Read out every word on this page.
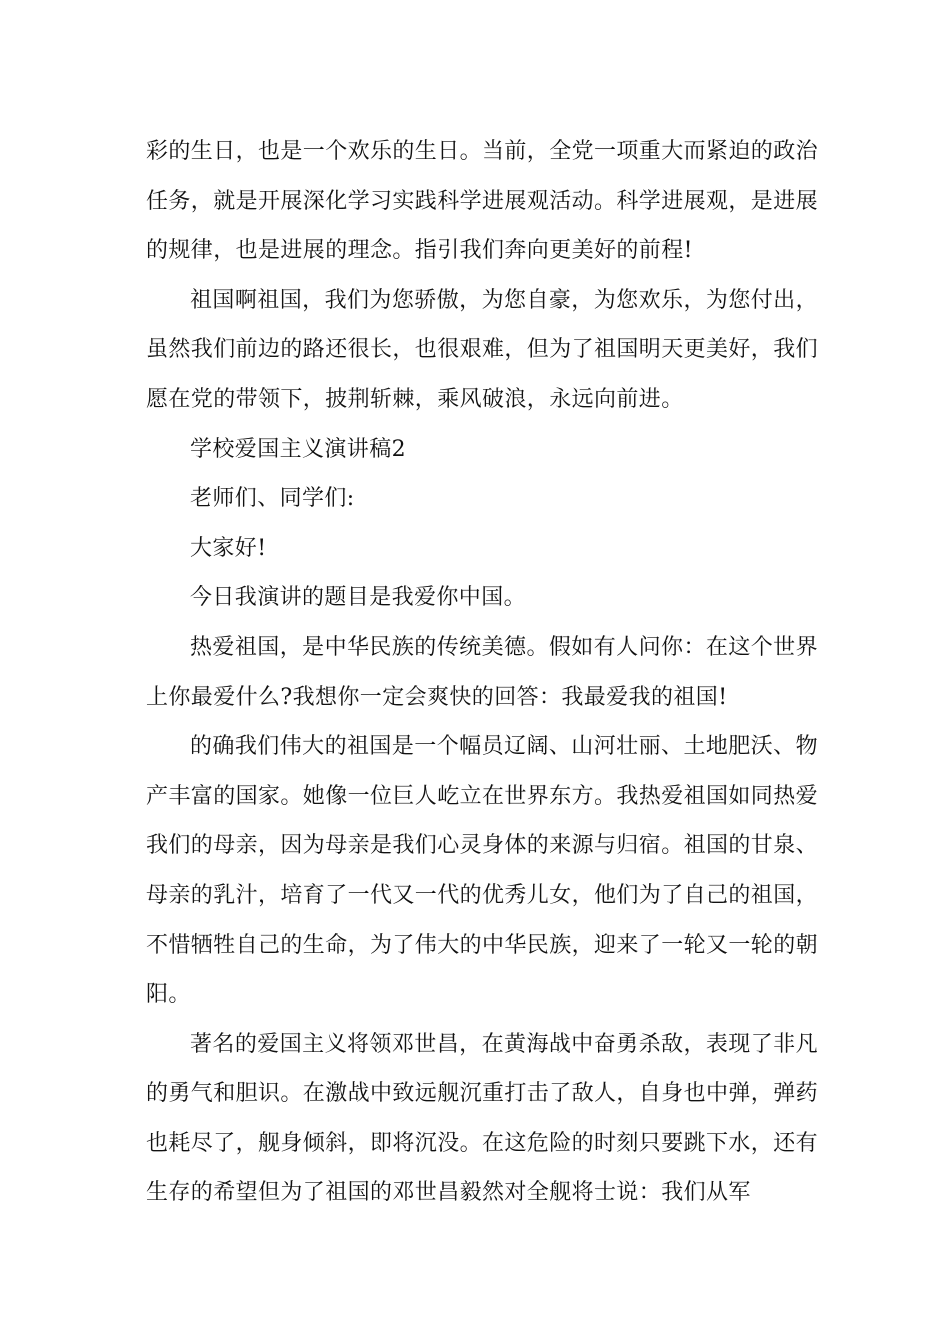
彩的生日，也是一个欢乐的生日。当前，全党一项重大而紧迫的政治任务，就是开展深化学习实践科学进展观活动。科学进展观，是进展的规律，也是进展的理念。指引我们奔向更美好的前程!

祖国啊祖国，我们为您骄傲，为您自豪，为您欢乐，为您付出，虽然我们前边的路还很长，也很艰难，但为了祖国明天更美好，我们愿在党的带领下，披荆斩棘，乘风破浪，永远向前进。

学校爱国主义演讲稿2

老师们、同学们:

大家好!

今日我演讲的题目是我爱你中国。

热爱祖国，是中华民族的传统美德。假如有人问你：在这个世界上你最爱什么?我想你一定会爽快的回答：我最爱我的祖国!

的确我们伟大的祖国是一个幅员辽阔、山河壮丽、土地肥沃、物产丰富的国家。她像一位巨人屹立在世界东方。我热爱祖国如同热爱我们的母亲，因为母亲是我们心灵身体的来源与归宿。祖国的甘泉、母亲的乳汁，培育了一代又一代的优秀儿女，他们为了自己的祖国，不惜牺牲自己的生命，为了伟大的中华民族，迎来了一轮又一轮的朝阳。

著名的爱国主义将领邓世昌，在黄海战中奋勇杀敌，表现了非凡的勇气和胆识。在激战中致远舰沉重打击了敌人，自身也中弹，弹药也耗尽了，舰身倾斜，即将沉没。在这危险的时刻只要跳下水，还有生存的希望但为了祖国的邓世昌毅然对全舰将士说：我们从军
